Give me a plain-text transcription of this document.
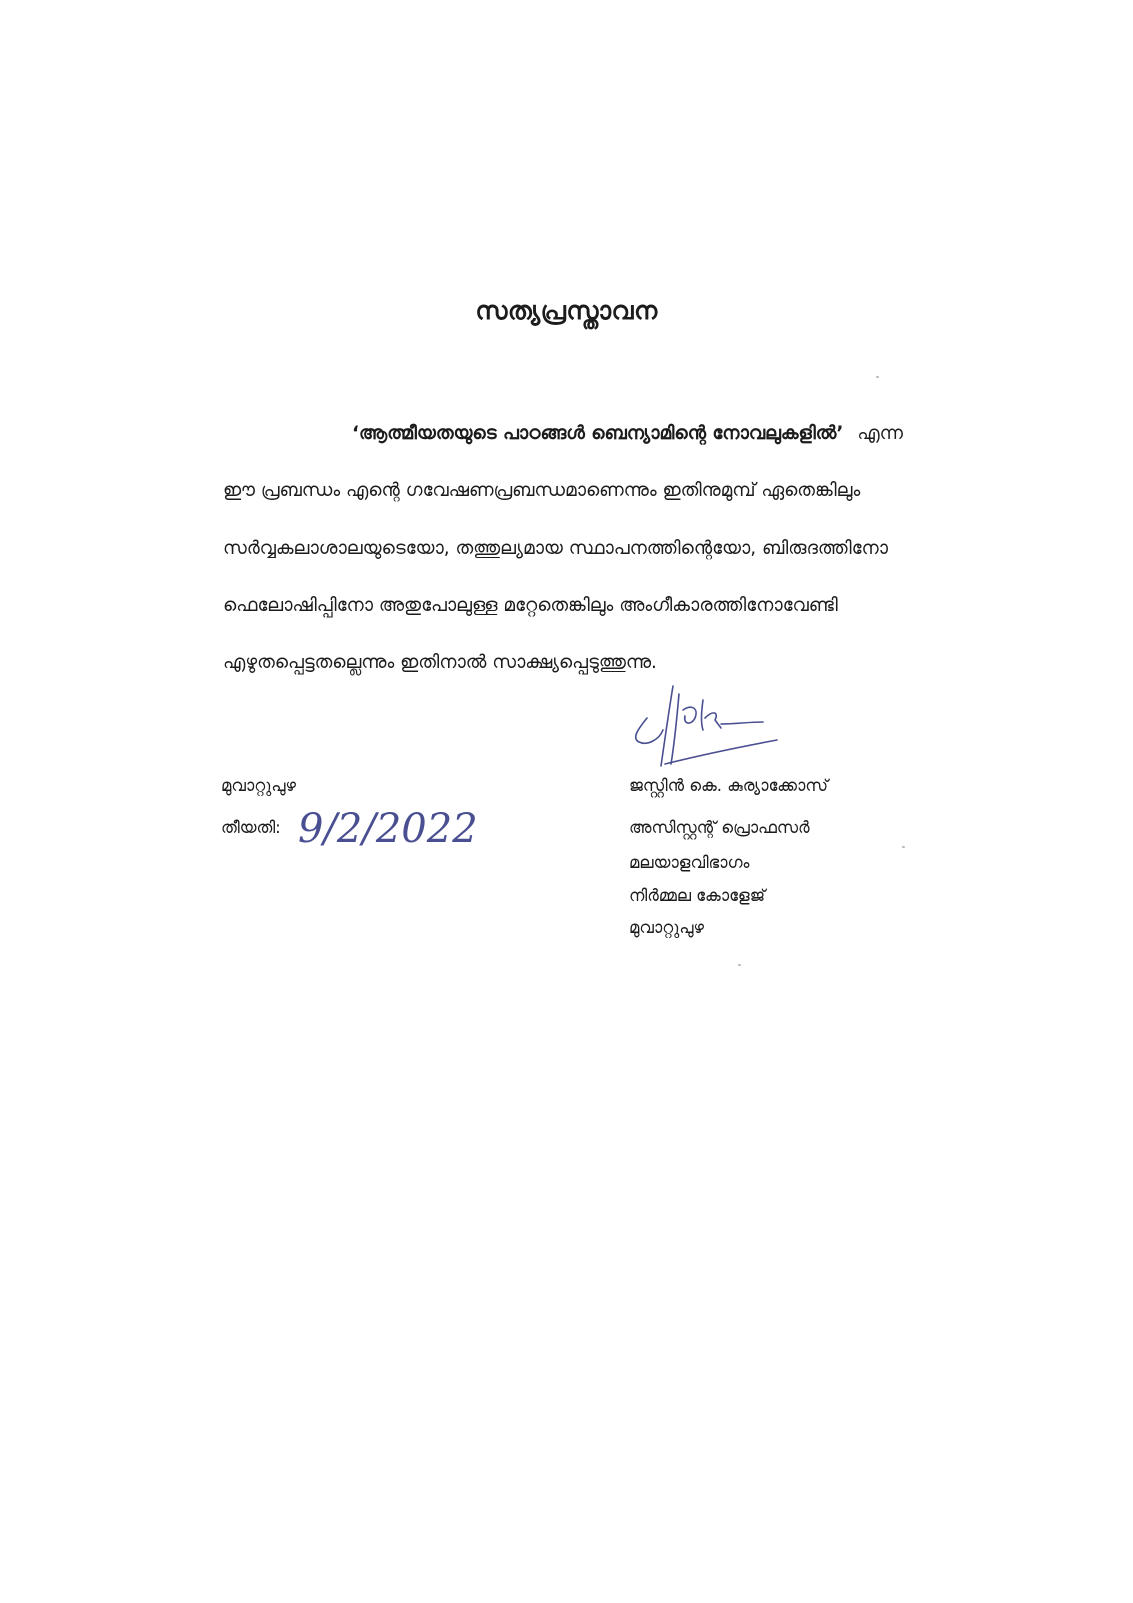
സത്യപ്രസ്താവന
‘ആത്മീയതയുടെ പാഠങ്ങൾ ബെന്യാമിന്റെ നോവലുകളിൽ’ എന്ന
ഈ പ്രബന്ധം എന്റെ ഗവേഷണപ്രബന്ധമാണെന്നും ഇതിനുമുമ്പ് ഏതെങ്കിലും
സർവ്വകലാശാലയുടെയോ, തത്തുല്യമായ സ്ഥാപനത്തിന്റെയോ, ബിരുദത്തിനോ
ഫെലോഷിപ്പിനോ അതുപോലുള്ള മറ്റേതെങ്കിലും അംഗീകാരത്തിനോവേണ്ടി
എഴുതപ്പെട്ടതല്ലെന്നും ഇതിനാൽ സാക്ഷ്യപ്പെടുത്തുന്നു.
മുവാറ്റുപുഴ
തീയതി: 9/2/2022
ജസ്റ്റിൻ കെ. കുര്യാക്കോസ്
അസിസ്റ്റന്റ് പ്രൊഫസർ
മലയാളവിഭാഗം
നിർമ്മല കോളേജ്
മുവാറ്റുപുഴ
